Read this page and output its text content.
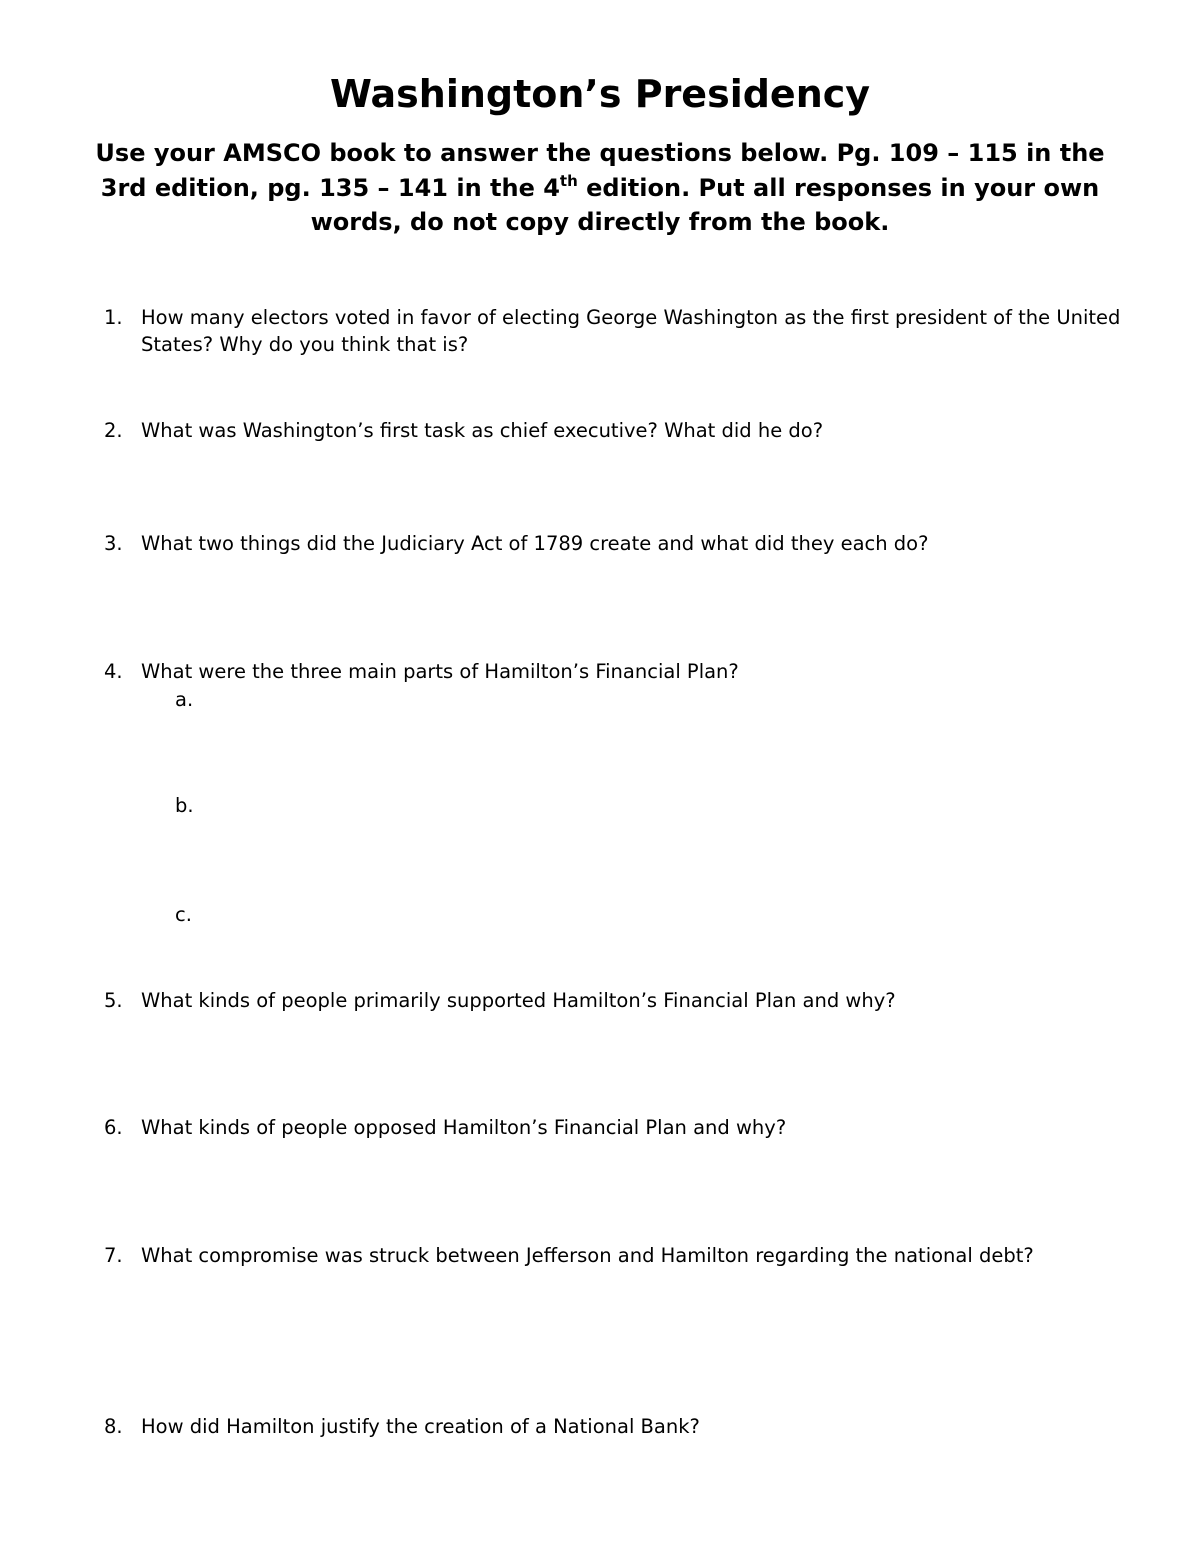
Washington’s Presidency

Use your AMSCO book to answer the questions below. Pg. 109 – 115 in the 3rd edition, pg. 135 – 141 in the 4th edition. Put all responses in your own words, do not copy directly from the book.

1. How many electors voted in favor of electing George Washington as the first president of the United States? Why do you think that is?
2. What was Washington’s first task as chief executive? What did he do?
3. What two things did the Judiciary Act of 1789 create and what did they each do?
4. What were the three main parts of Hamilton’s Financial Plan?
a.
b.
c.
5. What kinds of people primarily supported Hamilton’s Financial Plan and why?
6. What kinds of people opposed Hamilton’s Financial Plan and why?
7. What compromise was struck between Jefferson and Hamilton regarding the national debt?
8. How did Hamilton justify the creation of a National Bank?
